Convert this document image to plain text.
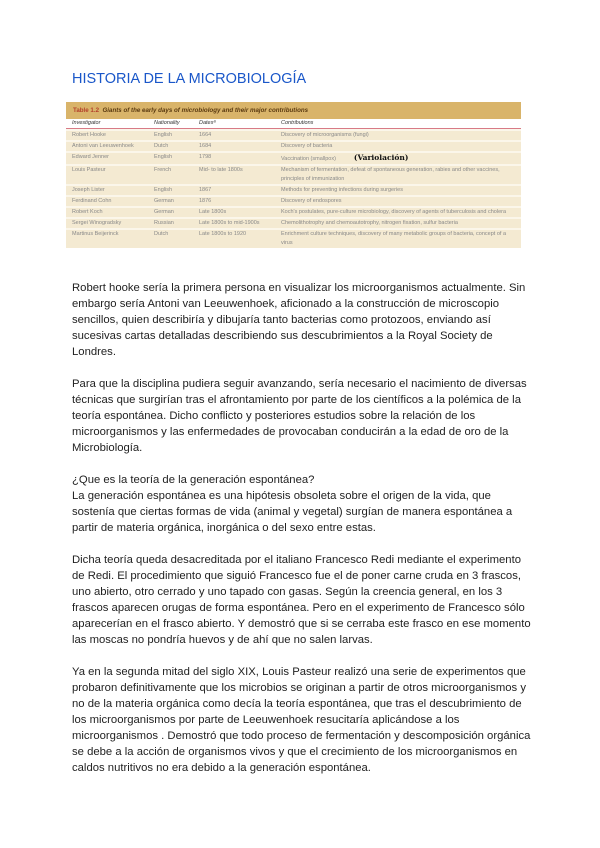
HISTORIA DE LA MICROBIOLOGÍA
Table 1.2 Giants of the early days of microbiology and their major contributions
Investigator	Nationality	Datesª	Contributions
Robert Hooke	English	1664	Discovery of microorganisms (fungi)
Antoni van Leeuwenhoek	Dutch	1684	Discovery of bacteria
Edward Jenner	English	1798	Vaccination (smallpox) (Variolación)
Louis Pasteur	French	Mid- to late 1800s	Mechanism of fermentation, defeat of spontaneous generation, rabies and other vaccines, principles of immunization
Joseph Lister	English	1867	Methods for preventing infections during surgeries
Ferdinand Cohn	German	1876	Discovery of endospores
Robert Koch	German	Late 1800s	Koch's postulates, pure-culture microbiology, discovery of agents of tuberculosis and cholera
Sergei Winogradsky	Russian	Late 1800s to mid-1900s	Chemolithotrophy and chemoautotrophy, nitrogen fixation, sulfur bacteria
Martinus Beijerinck	Dutch	Late 1800s to 1920	Enrichment culture techniques, discovery of many metabolic groups of bacteria, concept of a virus

Robert hooke sería la primera persona en visualizar los microorganismos actualmente. Sin embargo sería Antoni van Leeuwenhoek, aficionado a la construcción de microscopio sencillos, quien describiría y dibujaría tanto bacterias como protozoos, enviando así sucesivas cartas detalladas describiendo sus descubrimientos a la Royal Society de Londres.

Para que la disciplina pudiera seguir avanzando, sería necesario el nacimiento de diversas técnicas que surgirían tras el afrontamiento por parte de los científicos a la polémica de la teoría espontánea. Dicho conflicto y posteriores estudios sobre la relación de los microorganismos y las enfermedades de provocaban conducirán a la edad de oro de la Microbiología.

¿Que es la teoría de la generación espontánea?
La generación espontánea es una hipótesis obsoleta sobre el origen de la vida, que sostenía que ciertas formas de vida (animal y vegetal) surgían de manera espontánea a partir de materia orgánica, inorgánica o del sexo entre estas.

Dicha teoría queda desacreditada por el italiano Francesco Redi mediante el experimento de Redi. El procedimiento que siguió Francesco fue el de poner carne cruda en 3 frascos, uno abierto, otro cerrado y uno tapado con gasas. Según la creencia general, en los 3 frascos aparecen orugas de forma espontánea. Pero en el experimento de Francesco sólo aparecerían en el frasco abierto. Y demostró que si se cerraba este frasco en ese momento las moscas no pondría huevos y de ahí que no salen larvas.

Ya en la segunda mitad del siglo XIX, Louis Pasteur realizó una serie de experimentos que probaron definitivamente que los microbios se originan a partir de otros microorganismos y no de la materia orgánica como decía la teoría espontánea, que tras el descubrimiento de los microorganismos por parte de Leeuwenhoek resucitaría aplicándose a los microorganismos . Demostró que todo proceso de fermentación y descomposición orgánica se debe a la acción de organismos vivos y que el crecimiento de los microorganismos en caldos nutritivos no era debido a la generación espontánea.
